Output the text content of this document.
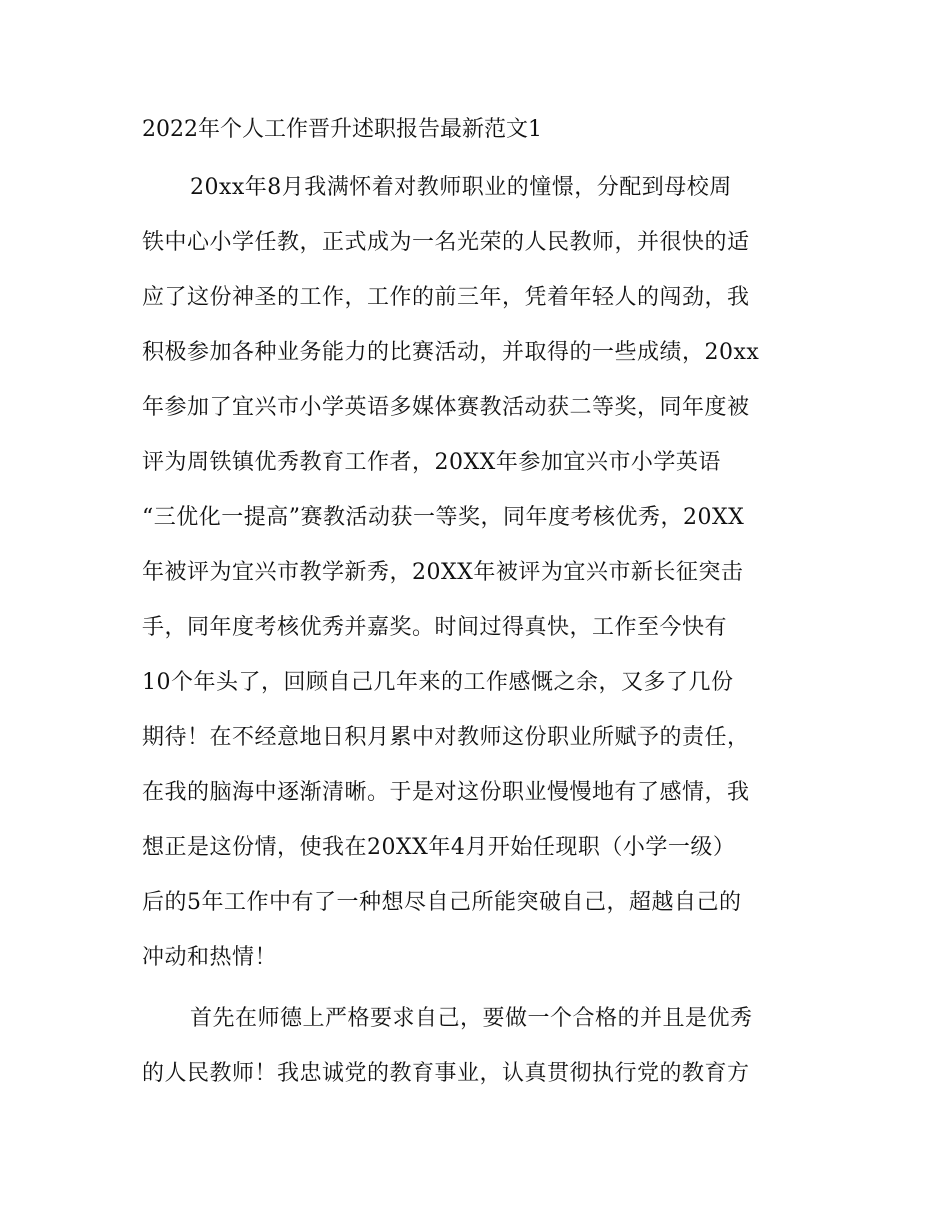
2022年个人工作晋升述职报告最新范文1

20xx年8月我满怀着对教师职业的憧憬，分配到母校周

铁中心小学任教，正式成为一名光荣的人民教师，并很快的适

应了这份神圣的工作，工作的前三年，凭着年轻人的闯劲，我

积极参加各种业务能力的比赛活动，并取得的一些成绩，20xx

年参加了宜兴市小学英语多媒体赛教活动获二等奖，同年度被

评为周铁镇优秀教育工作者，20XX年参加宜兴市小学英语

“三优化一提高”赛教活动获一等奖，同年度考核优秀，20XX

年被评为宜兴市教学新秀，20XX年被评为宜兴市新长征突击

手，同年度考核优秀并嘉奖。时间过得真快，工作至今快有

10个年头了，回顾自己几年来的工作感慨之余，又多了几份

期待！在不经意地日积月累中对教师这份职业所赋予的责任，

在我的脑海中逐渐清晰。于是对这份职业慢慢地有了感情，我

想正是这份情，使我在20XX年4月开始任现职（小学一级）

后的5年工作中有了一种想尽自己所能突破自己，超越自己的

冲动和热情！

首先在师德上严格要求自己，要做一个合格的并且是优秀

的人民教师！我忠诚党的教育事业，认真贯彻执行党的教育方
